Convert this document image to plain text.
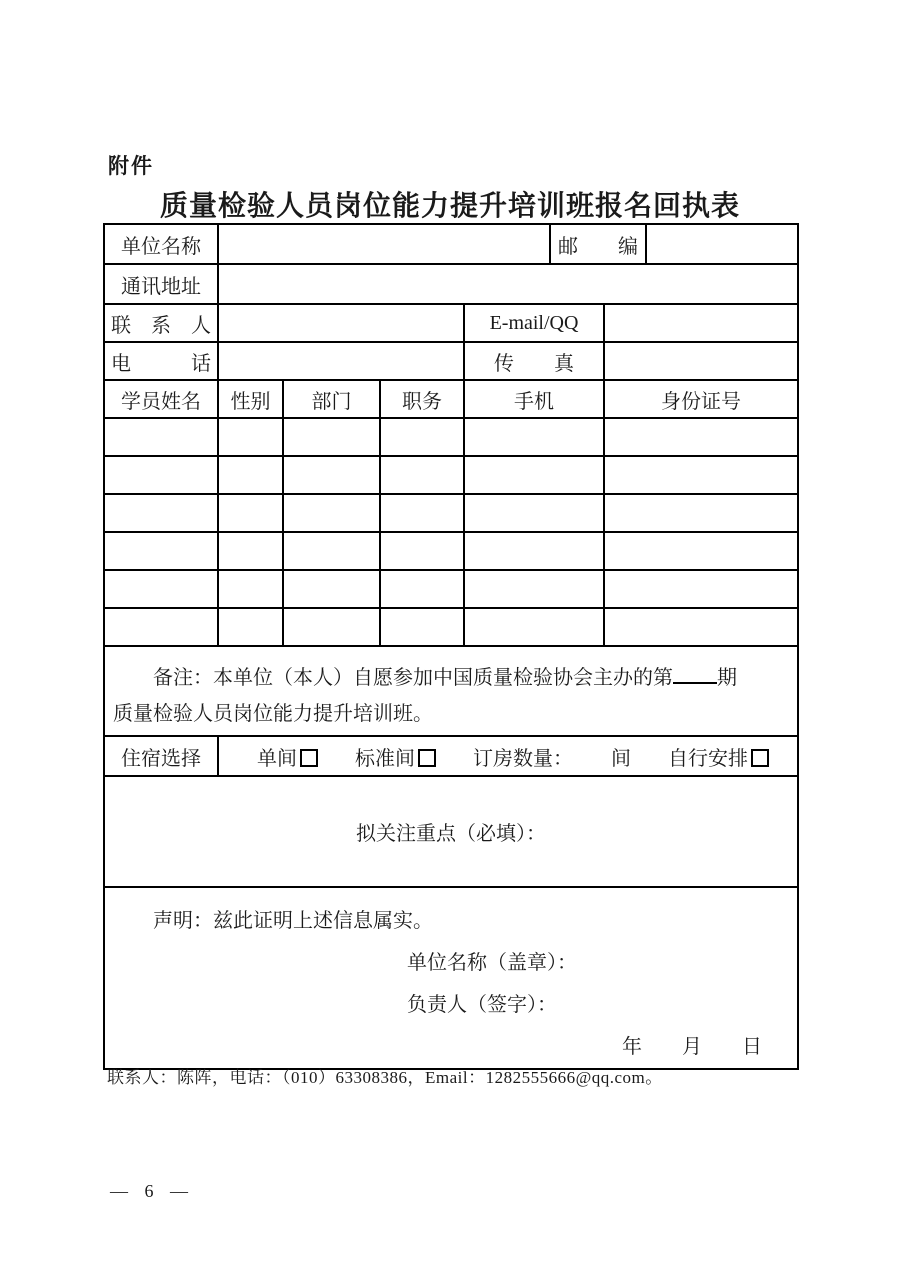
附件
质量检验人员岗位能力提升培训班报名回执表
单位名称					邮　　编		
通讯地址							
联　系　人				E-mail/QQ			
电　　　话				传　　真			
学员姓名	性别	部门	职务	手机		身份证号	

备注：本单位（本人）自愿参加中国质量检验协会主办的第 期
质量检验人员岗位能力提升培训班。							

住宿选择	单间 标准间 订房数量： 间 自行安排						
拟关注重点（必填）：							

声明：兹此证明上述信息属实。
单位名称（盖章）：
负责人（签字）：
年　　月　　日							
联系人：陈阵，电话：（010）63308386，Email：1282555666@qq.com。
— 6 —
